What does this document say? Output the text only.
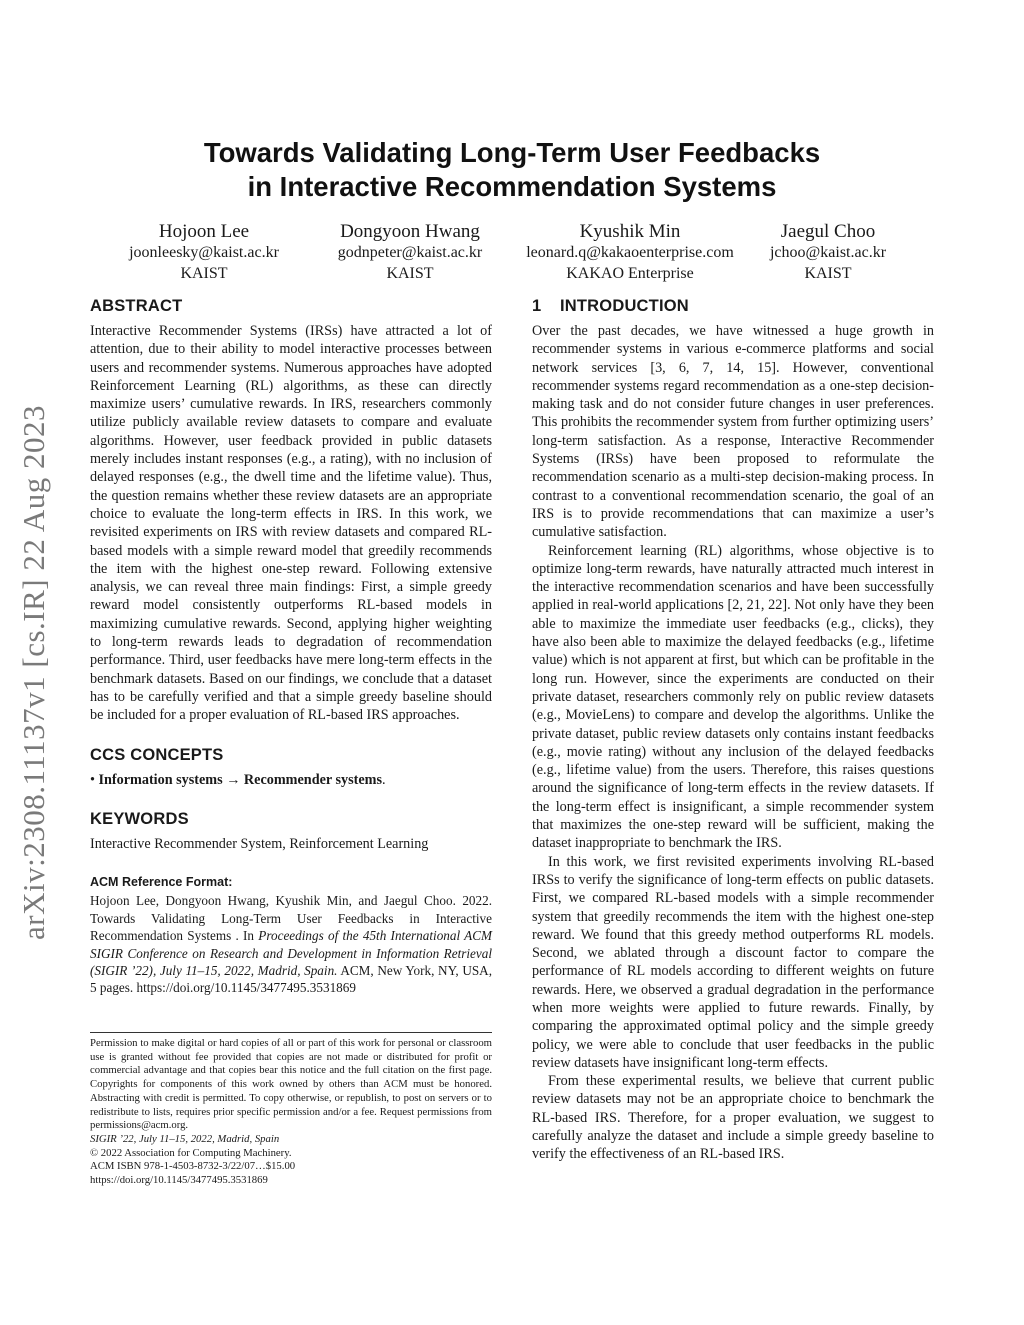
arXiv:2308.11137v1 [cs.IR] 22 Aug 2023
Towards Validating Long-Term User Feedbacks
in Interactive Recommendation Systems
Hojoon Lee
joonleesky@kaist.ac.kr
KAIST
Dongyoon Hwang
godnpeter@kaist.ac.kr
KAIST
Kyushik Min
leonard.q@kakaoenterprise.com
KAKAO Enterprise
Jaegul Choo
jchoo@kaist.ac.kr
KAIST
ABSTRACT

Interactive Recommender Systems (IRSs) have attracted a lot of attention, due to their ability to model interactive processes between users and recommender systems. Numerous approaches have adopted Reinforcement Learning (RL) algorithms, as these can directly maximize users’ cumulative rewards. In IRS, researchers commonly utilize publicly available review datasets to compare and evaluate algorithms. However, user feedback provided in public datasets merely includes instant responses (e.g., a rating), with no inclusion of delayed responses (e.g., the dwell time and the lifetime value). Thus, the question remains whether these review datasets are an appropriate choice to evaluate the long-term effects in IRS. In this work, we revisited experiments on IRS with review datasets and compared RL-based models with a simple reward model that greedily recommends the item with the highest one-step reward. Following extensive analysis, we can reveal three main findings: First, a simple greedy reward model consistently outperforms RL-based models in maximizing cumulative rewards. Second, applying higher weighting to long-term rewards leads to degradation of recommendation performance. Third, user feedbacks have mere long-term effects in the benchmark datasets. Based on our findings, we conclude that a dataset has to be carefully verified and that a simple greedy baseline should be included for a proper evaluation of RL-based IRS approaches.

CCS CONCEPTS

• Information systems → Recommender systems.

KEYWORDS

Interactive Recommender System, Reinforcement Learning

ACM Reference Format:

Hojoon Lee, Dongyoon Hwang, Kyushik Min, and Jaegul Choo. 2022. Towards Validating Long-Term User Feedbacks in Interactive Recommendation Systems . In Proceedings of the 45th International ACM SIGIR Conference on Research and Development in Information Retrieval (SIGIR ’22), July 11–15, 2022, Madrid, Spain. ACM, New York, NY, USA, 5 pages. https://doi.org/10.1145/3477495.3531869

Permission to make digital or hard copies of all or part of this work for personal or classroom use is granted without fee provided that copies are not made or distributed for profit or commercial advantage and that copies bear this notice and the full citation on the first page. Copyrights for components of this work owned by others than ACM must be honored. Abstracting with credit is permitted. To copy otherwise, or republish, to post on servers or to redistribute to lists, requires prior specific permission and/or a fee. Request permissions from permissions@acm.org.

SIGIR ’22, July 11–15, 2022, Madrid, Spain
© 2022 Association for Computing Machinery.
ACM ISBN 978-1-4503-8732-3/22/07…$15.00
https://doi.org/10.1145/3477495.3531869
1 INTRODUCTION

Over the past decades, we have witnessed a huge growth in recommender systems in various e-commerce platforms and social network services [3, 6, 7, 14, 15]. However, conventional recommender systems regard recommendation as a one-step decision-making task and do not consider future changes in user preferences. This prohibits the recommender system from further optimizing users’ long-term satisfaction. As a response, Interactive Recommender Systems (IRSs) have been proposed to reformulate the recommendation scenario as a multi-step decision-making process. In contrast to a conventional recommendation scenario, the goal of an IRS is to provide recommendations that can maximize a user’s cumulative satisfaction.

Reinforcement learning (RL) algorithms, whose objective is to optimize long-term rewards, have naturally attracted much interest in the interactive recommendation scenarios and have been successfully applied in real-world applications [2, 21, 22]. Not only have they been able to maximize the immediate user feedbacks (e.g., clicks), they have also been able to maximize the delayed feedbacks (e.g., lifetime value) which is not apparent at first, but which can be profitable in the long run. However, since the experiments are conducted on their private dataset, researchers commonly rely on public review datasets (e.g., MovieLens) to compare and develop the algorithms. Unlike the private dataset, public review datasets only contains instant feedbacks (e.g., movie rating) without any inclusion of the delayed feedbacks (e.g., lifetime value) from the users. Therefore, this raises questions around the significance of long-term effects in the review datasets. If the long-term effect is insignificant, a simple recommender system that maximizes the one-step reward will be sufficient, making the dataset inappropriate to benchmark the IRS.

In this work, we first revisited experiments involving RL-based IRSs to verify the significance of long-term effects on public datasets. First, we compared RL-based models with a simple recommender system that greedily recommends the item with the highest one-step reward. We found that this greedy method outperforms RL models. Second, we ablated through a discount factor to compare the performance of RL models according to different weights on future rewards. Here, we observed a gradual degradation in the performance when more weights were applied to future rewards. Finally, by comparing the approximated optimal policy and the simple greedy policy, we were able to conclude that user feedbacks in the public review datasets have insignificant long-term effects.

From these experimental results, we believe that current public review datasets may not be an appropriate choice to benchmark the RL-based IRS. Therefore, for a proper evaluation, we suggest to carefully analyze the dataset and include a simple greedy baseline to verify the effectiveness of an RL-based IRS.
